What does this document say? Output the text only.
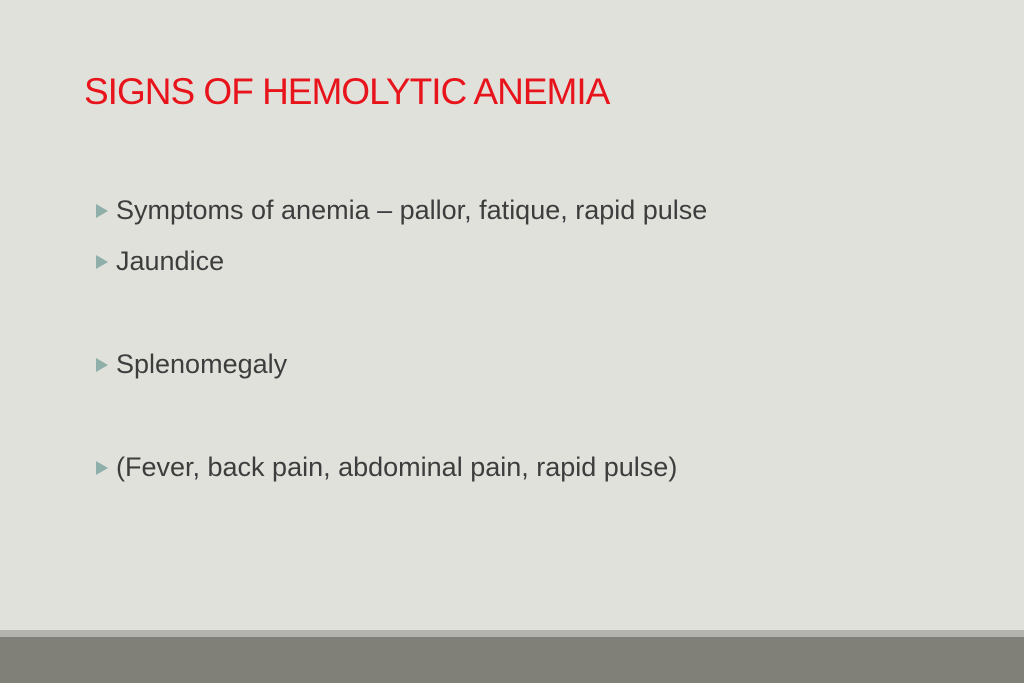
SIGNS OF HEMOLYTIC ANEMIA
Symptoms of anemia – pallor, fatique, rapid pulse
Jaundice
Splenomegaly
(Fever, back pain, abdominal pain, rapid pulse)
